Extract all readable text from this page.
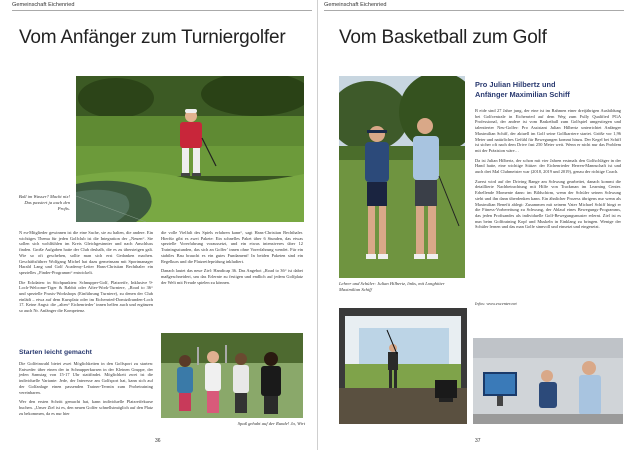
Gemeinschaft Eichenried
Vom Anfänger zum Turniergolfer
Ball im Wasser? Macht nix! Das passiert ja auch den Profis.

N eu-Mitglieder gewinnen ist die eine Sache, sie zu halten, die andere. Ein wichtiges Thema für jeden Golfclub ist die Integration der „Neuen“. Sie sollen sich wohlfühlen im Kreis Gleichgesinnter und nach Anschluss finden. Große Aufgaben hatte der Club deshalb, die es zu übersteigen galt. Wie so oft geschehen, sollte man sich erst Gedanken machen. Geschäftsführer Wolfgang Michel hat dazu gemeinsam mit Sportmanager Harald Lang und Golf Academy-Leiter Hans-Christian Bechthaler ein spezielles „Finder-Programm“ entwickelt.

Die Eckdaten: in Stichpunkten: Schnupper-Golf, Platzreife, Inklusive 9-Loch-Welcome-Tiger & Rabbit oder After-Work-Turniere, „Road to 36“ und spezielle Praxis-Workshops (Einführung Turniere), zu denen der Club einlädt – etwa auf dem Kursplatz oder im Eichenried-Domizilrunden-Loch 17. Keine Angst: die „alten“ Eichenrieder’ innen helfen auch und ergänzen so auch Nr. Anfänger die Kompetenz.

Starten leicht gemacht

Die Golfeinwahl bietet zwei Möglichkeiten in den Golfsport zu starten: Entweder über einen der in Schnupperkursen in der Kleinen Gruppe, der jeden Samstag von 15-17 Uhr stattfindet. Möglichkeit zwei ist die individuelle Variante: Jede, der Interesse am Golfsport hat, kann sich auf der Golfanlage einen passenden Trainer-Termin zum Probetraining vereinbaren.

Wer den ersten Schritt gemacht hat, kann individuelle Platzreifekurse buchen. „Unser Ziel ist es, den neuen Golfer schnellstmöglich auf den Platz zu bekommen, da es nur hier

die volle Vielfalt des Spiels erfahren kann“, sagt Hans-Christian Bechthaler. Hierfür gibt es zwei Pakete: Ein schnelles Paket über 6 Stunden, das etwas spezielle Vorerfahrung voraussetzt, und ein etwas intensiveres über 12 Trainingsstunden, das sich an Golfer’ innen ohne Vorerfahrung wendet. Für ein stabiles Bau braucht es ein gutes Fundament! In beiden Paketen sind ein Regelkurs und die Platzreifeprüfung inkludiert.

Danach lautet das neue Ziel: Handicap 36. Das Angebot „Road to 36“ ist dabei maßgeschneidert, um das Erlernte zu festigen und endlich auf jedem Golfplatz der Welt mit Freude spielen zu können.

Spaß gehabt auf der Runde! Ja, Wirt
36
Gemeinschaft Eichenried
Vom Basketball zum Golf
Lehrer und Schüler: Julian Hilbertz, links, mit Longhitter Maximilian Schiff
Pro Julian Hilbertz und
Anfänger Maximilian Schiff

B eide sind 27 Jahre jung, der eine ist im Rahmen einer dreijährigen Ausbildung bei Golfcentrale in Eichenried auf dem Weg zum Fully Qualified PGA Professional, der andere ist vom Basketball zum Golfspiel umgestiegen und talentierter Neu-Golfer: Pro Assistant Julian Hilbertz unterrichtet Anfänger Maximilian Schiff, der aktuell im Golf seine Golfkarriere startet. Größe vor 1,96 Meter und natürliches Gefühl für Bewegungen kommt hinzu. Der Kegel bei Schiff ist sicher oft nach dem Drive fast 250 Meter weit. Wenn er nicht nur das Problem mit der Präzision wäre…

Da ist Julian Hilbertz, der schon mit vier Jahren erstmals den Golfschläger in der Hand hatte, eine wichtige Stütze: der Eichenrieder Herren-Mannschaft ist und auch drei Mal Clubmeister war (2018, 2019 und 2019), genau der richtige Coach.

Zuerst wird auf der Driving Range am Schwung gearbeitet, danach kommt die detaillierte Nachbetrachtung mit Hilfe von Trackman im Learning Center. Erhellende Momente dann: im Bildschirm, wenn der Schüler seinen Schwung sieht und ihn dann überdenken kann. Ein ähnlicher Prozess übrigens nur wenn als Maximilian Benefit ablegt: Zusammen mit seinem Vater Michael Schiff hingt er die Fitness-Vorbereitung zu Schwung, der Ablauf eines Bewegungs-Programms, das jeden Profisandes als individuelle Golf-Bewegungsmuster erlernt. Ziel ist es nun beim Golftraining Kopf und Muskeln in Einklang zu bringen. Wenige der Schüler lernen und das man Golfe sinnvoll und einsetzt und eingesetzt.

Infos: www.excenter.net
37
